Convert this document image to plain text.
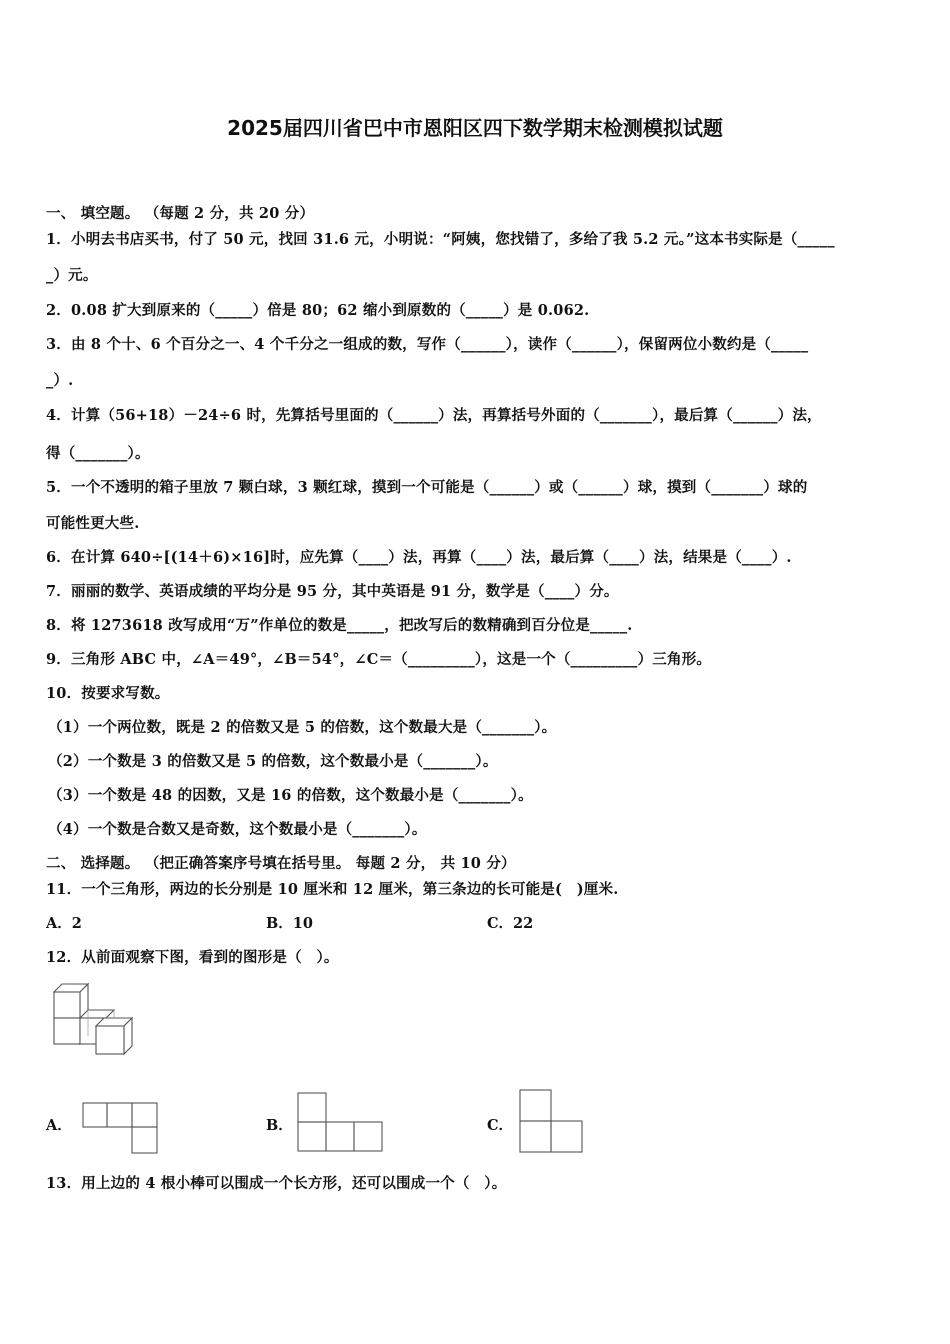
2025届四川省巴中市恩阳区四下数学期末检测模拟试题
一、 填空题。 （每题 2 分，共 20 分）
1．小明去书店买书，付了 50 元，找回 31.6 元，小明说：“阿姨，您找错了，多给了我 5.2 元。”这本书实际是（_____
_）元。
2．0.08 扩大到原来的（_____）倍是 80；62 缩小到原数的（_____）是 0.062.
3．由 8 个十、6 个百分之一、4 个千分之一组成的数，写作（______），读作（______），保留两位小数约是（_____
_）.
4．计算（56+18）－24÷6 时，先算括号里面的（______）法，再算括号外面的（_______），最后算（______）法，
得（_______）。
5．一个不透明的箱子里放 7 颗白球，3 颗红球，摸到一个可能是（______）或（______）球，摸到（_______）球的
可能性更大些.
6．在计算 640÷[(14＋6)×16]时，应先算（____）法，再算（____）法，最后算（____）法，结果是（____）.
7．丽丽的数学、英语成绩的平均分是 95 分，其中英语是 91 分，数学是（____）分。
8．将 1273618 改写成用“万”作单位的数是_____，把改写后的数精确到百分位是_____.
9．三角形 ABC 中，∠A＝49°，∠B＝54°，∠C＝（_________），这是一个（_________）三角形。
10．按要求写数。
（1）一个两位数，既是 2 的倍数又是 5 的倍数，这个数最大是（_______）。
（2）一个数是 3 的倍数又是 5 的倍数，这个数最小是（_______）。
（3）一个数是 48 的因数，又是 16 的倍数，这个数最小是（_______）。
（4）一个数是合数又是奇数，这个数最小是（_______）。
二、 选择题。 （把正确答案序号填在括号里。 每题 2 分， 共 10 分）
11．一个三角形，两边的长分别是 10 厘米和 12 厘米，第三条边的长可能是(　)厘米.
A．2	B．10	C．22
12．从前面观察下图，看到的图形是（　）。
A．	B．	C．
13．用上边的 4 根小棒可以围成一个长方形，还可以围成一个（　）。
